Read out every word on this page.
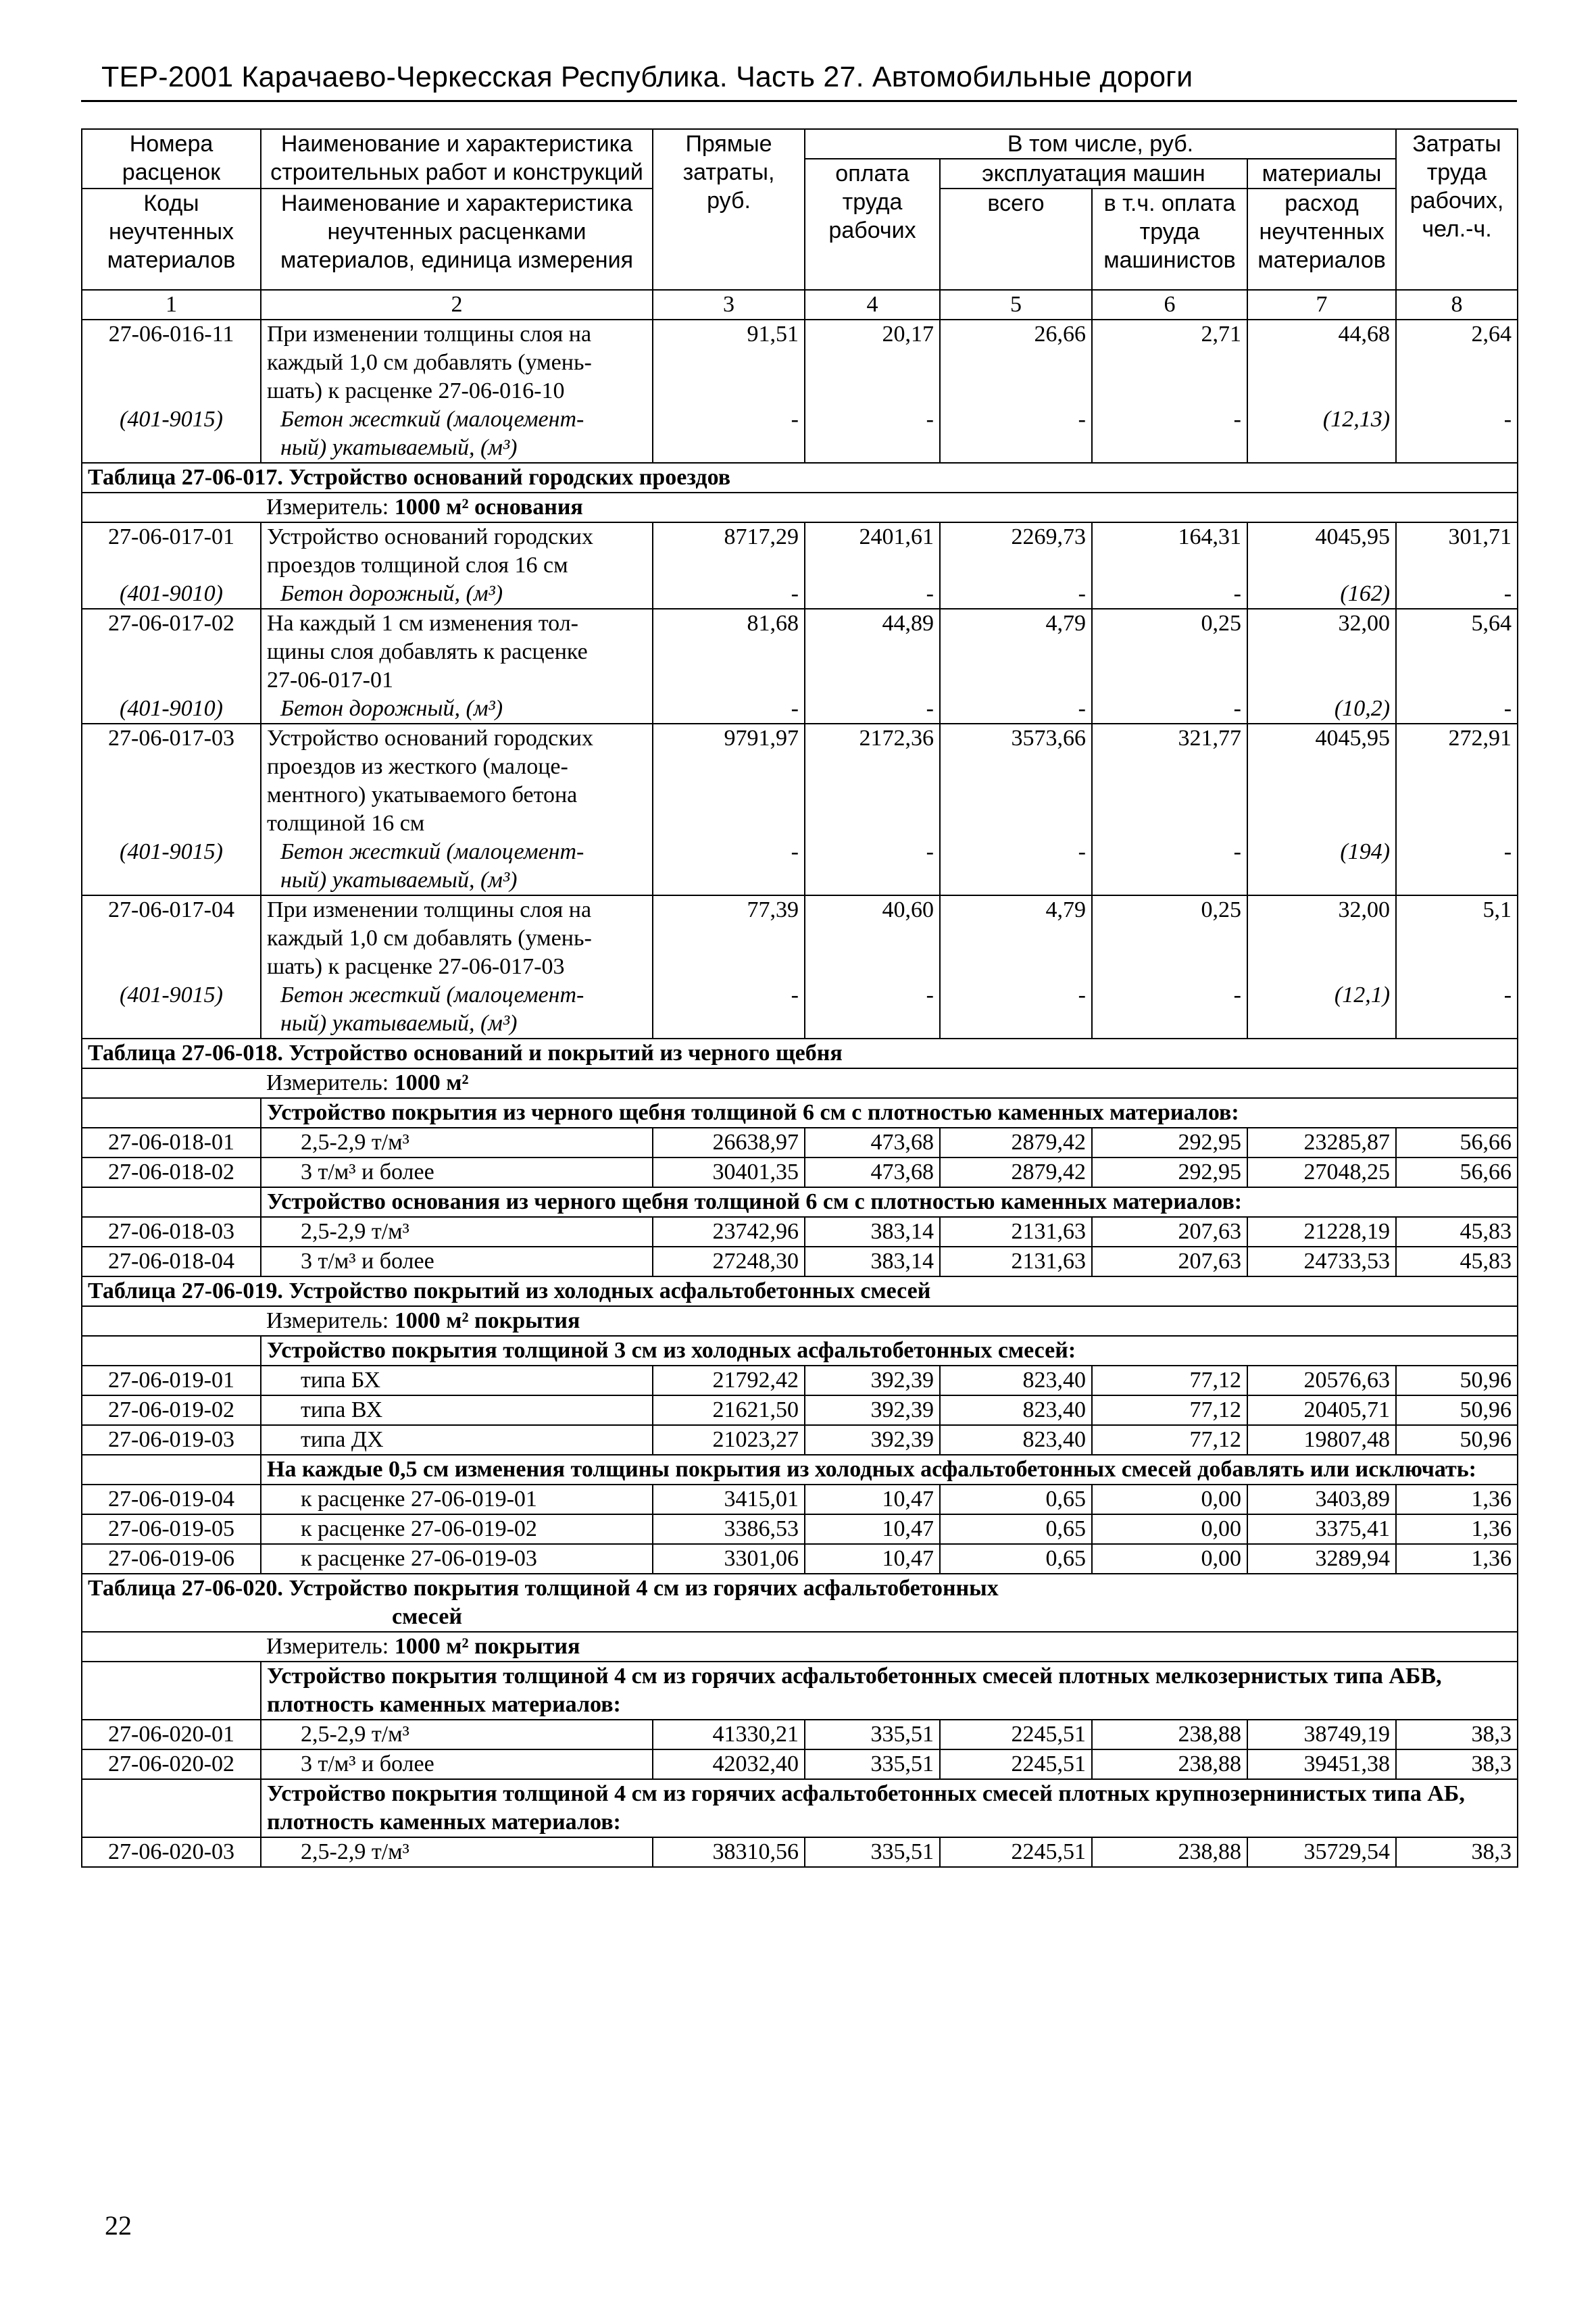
ТЕР-2001 Карачаево-Черкесская Республика. Часть 27. Автомобильные дороги
Номера расценок	Наименование и характеристика строительных работ и конструкций	Прямые затраты, руб.	В том числе, руб.				Затраты труда рабочих, чел.-ч.
			оплата труда рабочих	эксплуатация машин		материалы	
Коды неучтенных материалов	Наименование и характеристика неучтенных расценками материалов, единица измерения			всего	в т.ч. оплата труда машинистов	расход неучтенных материалов	

1	2	3	4	5	6	7	8
27-06-016-11	При изменении толщины слоя на
каждый 1,0 см добавлять (умень-
шать) к расценке 27-06-016-10	91,51	20,17	26,66	2,71	44,68	2,64
(401-9015)	Бетон жесткий (малоцемент-
ный) укатываемый, (м³)	-	-	-	-	(12,13)	-
Таблица 27-06-017. Устройство оснований городских проездов							
	Измеритель: 1000 м² основания						
27-06-017-01	Устройство оснований городских
проездов толщиной слоя 16 см	8717,29	2401,61	2269,73	164,31	4045,95	301,71
(401-9010)	Бетон дорожный, (м³)	-	-	-	-	(162)	-
27-06-017-02	На каждый 1 см изменения тол-
щины слоя добавлять к расценке
27-06-017-01	81,68	44,89	4,79	0,25	32,00	5,64
(401-9010)	Бетон дорожный, (м³)	-	-	-	-	(10,2)	-
27-06-017-03	Устройство оснований городских
проездов из жесткого (малоце-
ментного) укатываемого бетона
толщиной 16 см	9791,97	2172,36	3573,66	321,77	4045,95	272,91
(401-9015)	Бетон жесткий (малоцемент-
ный) укатываемый, (м³)	-	-	-	-	(194)	-
27-06-017-04	При изменении толщины слоя на
каждый 1,0 см добавлять (умень-
шать) к расценке 27-06-017-03	77,39	40,60	4,79	0,25	32,00	5,1
(401-9015)	Бетон жесткий (малоцемент-
ный) укатываемый, (м³)	-	-	-	-	(12,1)	-
Таблица 27-06-018. Устройство оснований и покрытий из черного щебня							
	Измеритель: 1000 м²						
	Устройство покрытия из черного щебня толщиной 6 см с плотностью каменных материалов:						
27-06-018-01	2,5-2,9 т/м³	26638,97	473,68	2879,42	292,95	23285,87	56,66
27-06-018-02	3 т/м³ и более	30401,35	473,68	2879,42	292,95	27048,25	56,66
	Устройство основания из черного щебня толщиной 6 см с плотностью каменных материалов:						
27-06-018-03	2,5-2,9 т/м³	23742,96	383,14	2131,63	207,63	21228,19	45,83
27-06-018-04	3 т/м³ и более	27248,30	383,14	2131,63	207,63	24733,53	45,83
Таблица 27-06-019. Устройство покрытий из холодных асфальтобетонных смесей							
	Измеритель: 1000 м² покрытия						
	Устройство покрытия толщиной 3 см из холодных асфальтобетонных смесей:						
27-06-019-01	типа БХ	21792,42	392,39	823,40	77,12	20576,63	50,96
27-06-019-02	типа ВХ	21621,50	392,39	823,40	77,12	20405,71	50,96
27-06-019-03	типа ДХ	21023,27	392,39	823,40	77,12	19807,48	50,96
	На каждые 0,5 см изменения толщины покрытия из холодных асфальтобетонных смесей добавлять или исключать:						
27-06-019-04	к расценке 27-06-019-01	3415,01	10,47	0,65	0,00	3403,89	1,36
27-06-019-05	к расценке 27-06-019-02	3386,53	10,47	0,65	0,00	3375,41	1,36
27-06-019-06	к расценке 27-06-019-03	3301,06	10,47	0,65	0,00	3289,94	1,36

Таблица 27-06-020. Устройство покрытия толщиной 4 см из горячих асфальтобетонных
смесей							

	Измеритель: 1000 м² покрытия						
	Устройство покрытия толщиной 4 см из горячих асфальтобетонных смесей плотных мелкозернистых типа АБВ, плотность каменных материалов:						
27-06-020-01	2,5-2,9 т/м³	41330,21	335,51	2245,51	238,88	38749,19	38,3
27-06-020-02	3 т/м³ и более	42032,40	335,51	2245,51	238,88	39451,38	38,3
	Устройство покрытия толщиной 4 см из горячих асфальтобетонных смесей плотных крупнозернинистых типа АБ, плотность каменных материалов:						
27-06-020-03	2,5-2,9 т/м³	38310,56	335,51	2245,51	238,88	35729,54	38,3
22
